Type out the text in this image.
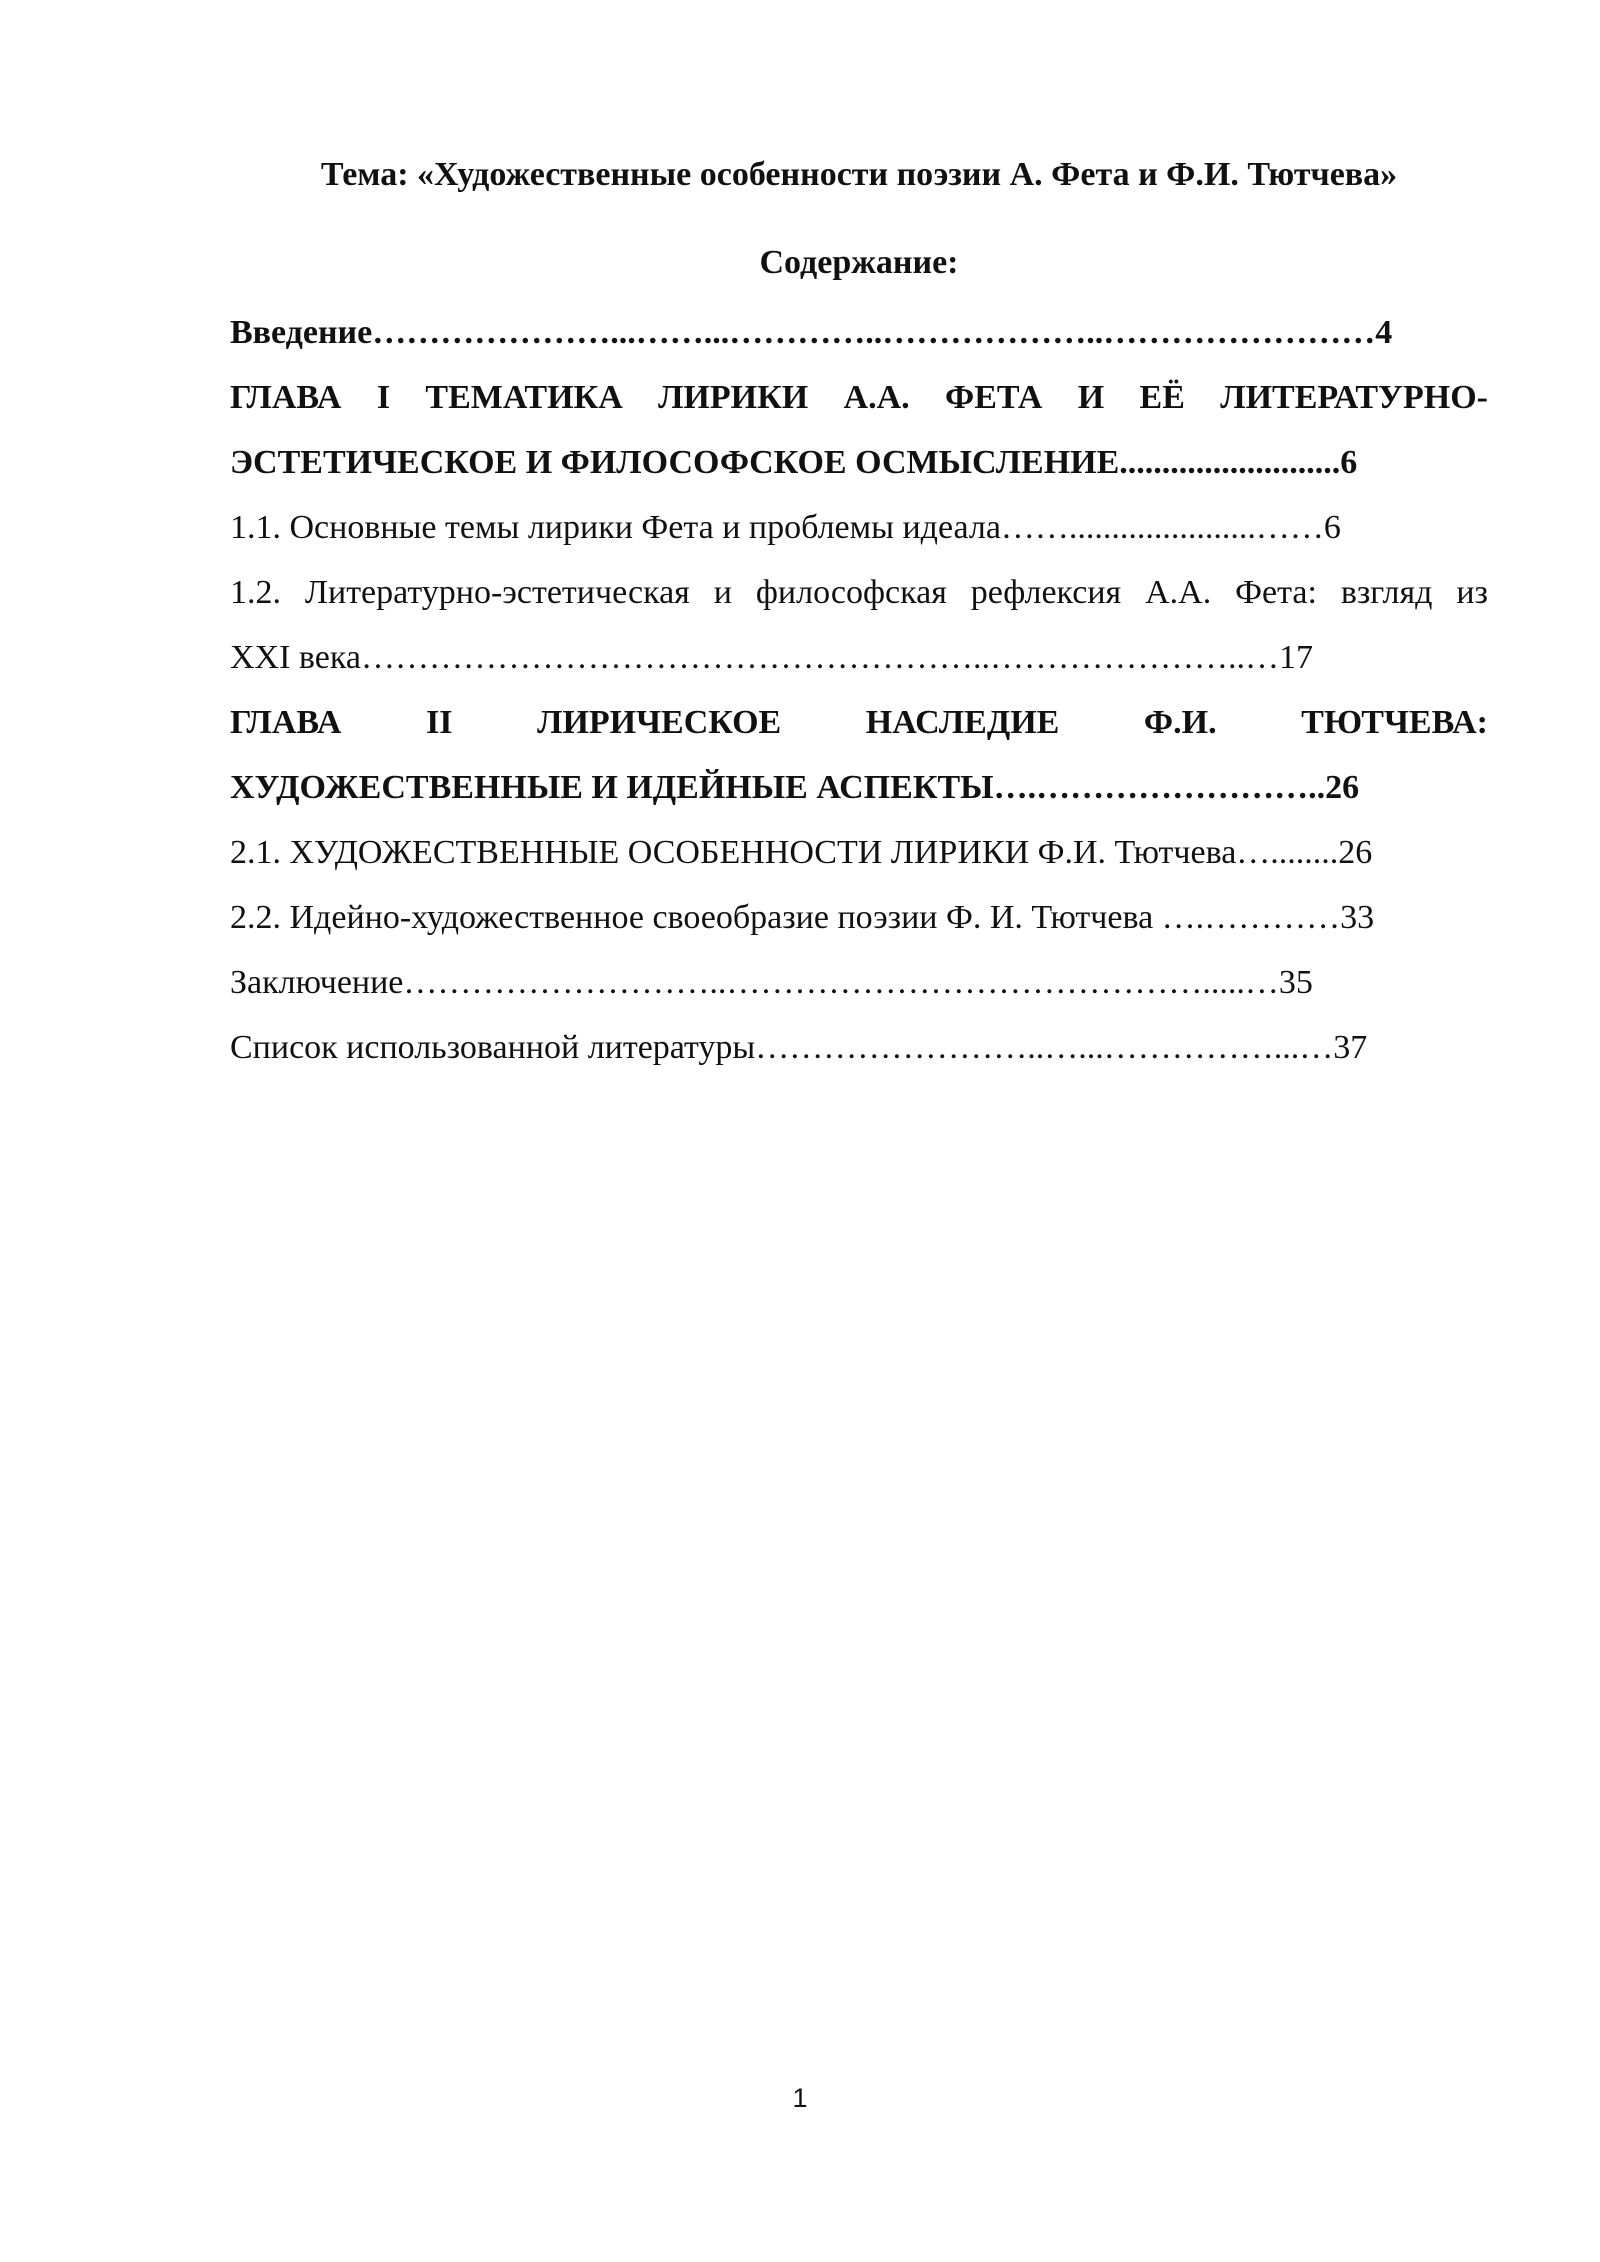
Тема: «Художественные особенности поэзии А. Фета и Ф.И. Тютчева»
Содержание:
Введение…………………...……...…………..………………..……………………4
ГЛАВА I ТЕМАТИКА ЛИРИКИ А.А. ФЕТА И ЕЁ ЛИТЕРАТУРНО-
ЭСТЕТИЧЕСКОЕ И ФИЛОСОФСКОЕ ОСМЫСЛЕНИЕ..........................6
1.1. Основные темы лирики Фета и проблемы идеала……......................……6
1.2. Литературно-эстетическая и философская рефлексия А.А. Фета: взгляд из
XXI века………………………………………………..…………………..…17
ГЛАВА II ЛИРИЧЕСКОЕ НАСЛЕДИЕ Ф.И. ТЮТЧЕВА:
ХУДОЖЕСТВЕННЫЕ И ИДЕЙНЫЕ АСПЕКТЫ….……………………..26
2.1. ХУДОЖЕСТВЕННЫЕ ОСОБЕННОСТИ ЛИРИКИ Ф.И. Тютчева…........26
2.2. Идейно-художественное своеобразие поэзии Ф. И. Тютчева ….…………33
Заключение………………………..…………………………………….....…35
Список использованной литературы……………………..…...……………...…37
1
